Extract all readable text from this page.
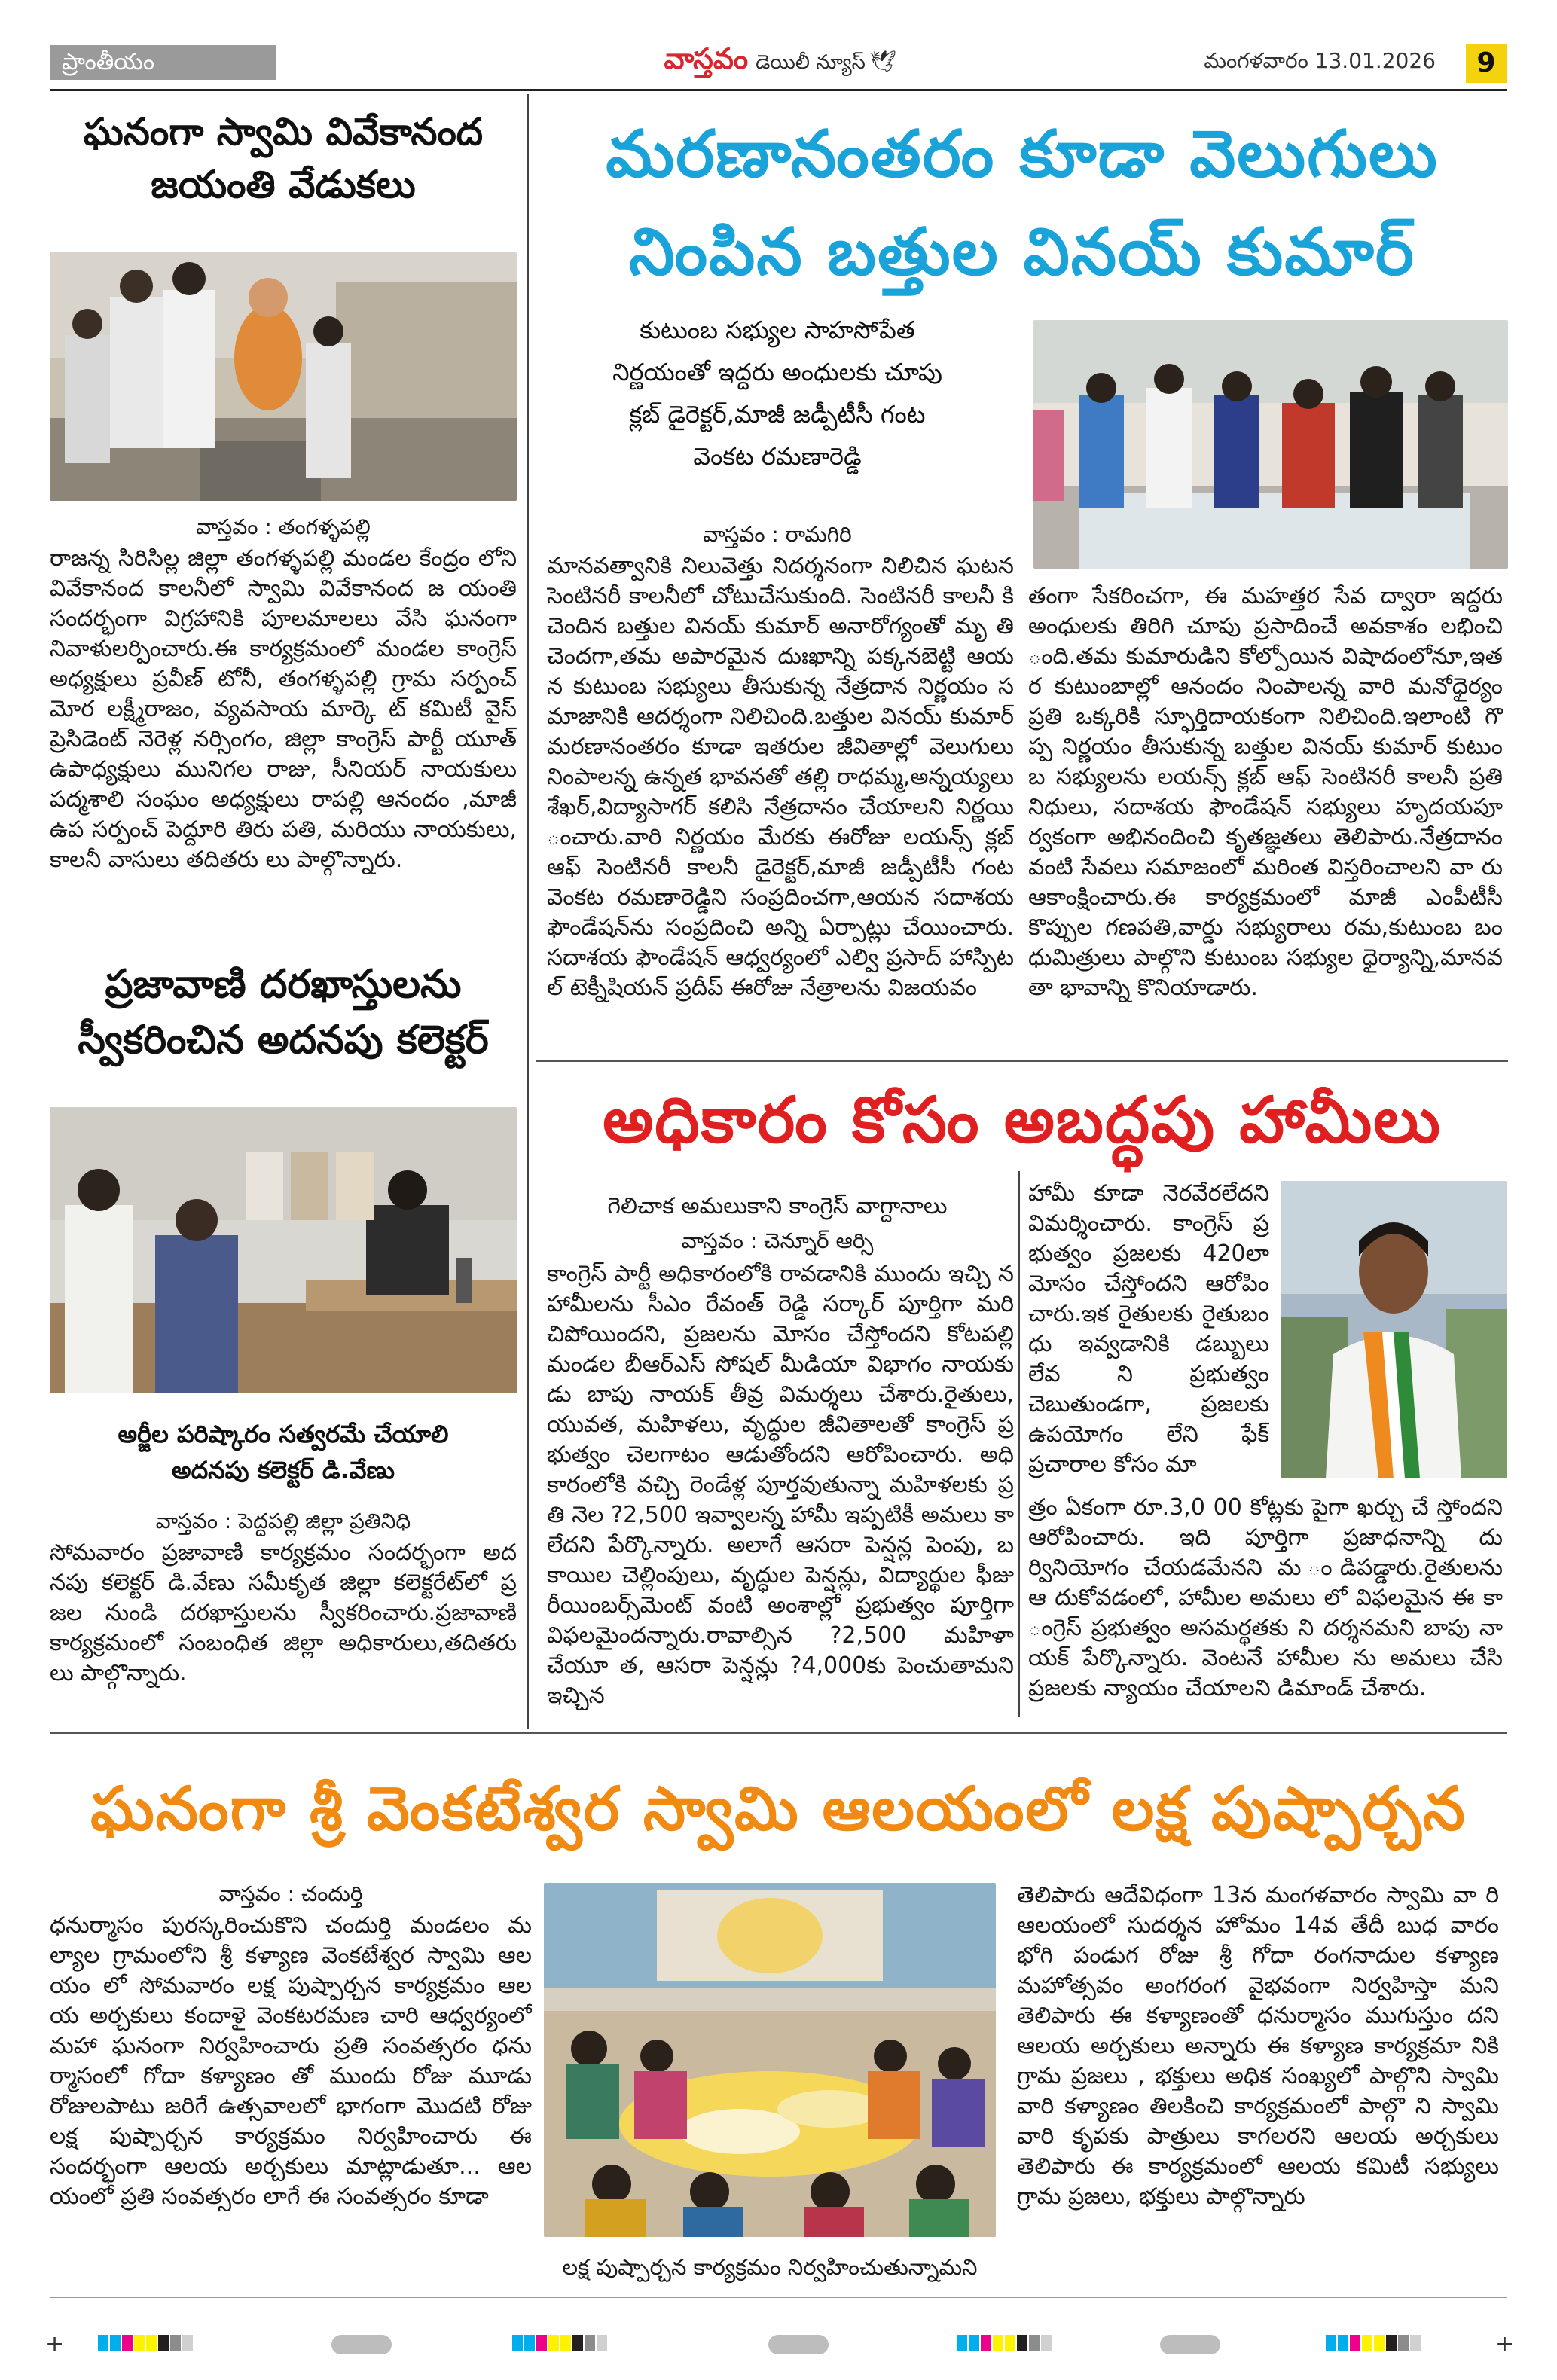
ప్రాంతీయం	వాస్తవం డెయిలీ న్యూస్ 🕊	మంగళవారం 13.01.2026	9
ఘనంగా స్వామి వివేకానంద
జయంతి వేడుకలు
వాస్తవం : తంగళ్ళపల్లి
రాజన్న సిరిసిల్ల జిల్లా తంగళ్ళపల్లి మండల కేంద్రం లోని వివేకానంద కాలనీలో స్వామి వివేకానంద జ యంతి సందర్భంగా విగ్రహానికి పూలమాలలు వేసి ఘనంగా నివాళులర్పించారు.ఈ కార్యక్రమంలో మండల కాంగ్రెస్ అధ్యక్షులు ప్రవీణ్ టోనీ, తంగళ్ళపల్లి గ్రామ సర్పంచ్ మోర లక్ష్మీరాజం, వ్యవసాయ మార్కె ట్ కమిటీ వైస్ ప్రెసిడెంట్ నెరెళ్ల నర్సింగం, జిల్లా కాంగ్రెస్ పార్టీ యూత్ ఉపాధ్యక్షులు మునిగల రాజు, సీనియర్ నాయకులు పద్మశాలి సంఘం అధ్యక్షులు రాపల్లి ఆనందం ,మాజీ ఉప సర్పంచ్ పెద్దూరి తిరు పతి, మరియు నాయకులు, కాలనీ వాసులు తదితరు లు పాల్గొన్నారు.
ప్రజావాణి దరఖాస్తులను
స్వీకరించిన అదనపు కలెక్టర్
అర్జీల పరిష్కారం సత్వరమే చేయాలి
అదనపు కలెక్టర్ డి.వేణు
వాస్తవం : పెద్దపల్లి జిల్లా ప్రతినిధి
సోమవారం ప్రజావాణి కార్యక్రమం సందర్భంగా అద నపు కలెక్టర్ డి.వేణు సమీకృత జిల్లా కలెక్టరేట్‌లో ప్ర జల నుండి దరఖాస్తులను స్వీకరించారు.ప్రజావాణి కార్యక్రమంలో సంబంధిత జిల్లా అధికారులు,తదితరు లు పాల్గొన్నారు.
మరణానంతరం కూడా వెలుగులు
నింపిన బత్తుల వినయ్ కుమార్
కుటుంబ సభ్యుల సాహసోపేత
నిర్ణయంతో ఇద్దరు అంధులకు చూపు
క్లబ్ డైరెక్టర్,మాజీ జడ్పీటీసీ గంట
వెంకట రమణారెడ్డి
వాస్తవం : రామగిరి
మానవత్వానికి నిలువెత్తు నిదర్శనంగా నిలిచిన ఘటన సెంటినరీ కాలనీలో చోటుచేసుకుంది. సెంటినరీ కాలనీ కి చెందిన బత్తుల వినయ్ కుమార్ అనారోగ్యంతో మృ తి చెందగా,తమ అపారమైన దుఃఖాన్ని పక్కనబెట్టి ఆయ న కుటుంబ సభ్యులు తీసుకున్న నేత్రదాన నిర్ణయం స మాజానికి ఆదర్శంగా నిలిచింది.బత్తుల వినయ్ కుమార్ మరణానంతరం కూడా ఇతరుల జీవితాల్లో వెలుగులు నింపాలన్న ఉన్నత భావనతో తల్లి రాధమ్మ,అన్నయ్యలు శేఖర్,విద్యాసాగర్ కలిసి నేత్రదానం చేయాలని నిర్ణయి ంచారు.వారి నిర్ణయం మేరకు ఈరోజు లయన్స్ క్లబ్ ఆఫ్ సెంటినరీ కాలనీ డైరెక్టర్,మాజీ జడ్పీటీసీ గంట వెంకట రమణారెడ్డిని సంప్రదించగా,ఆయన సదాశయ ఫౌండేషన్‌ను సంప్రదించి అన్ని ఏర్పాట్లు చేయించారు. సదాశయ ఫౌండేషన్ ఆధ్వర్యంలో ఎల్వి ప్రసాద్ హాస్పిట ల్ టెక్నీషియన్ ప్రదీప్ ఈరోజు నేత్రాలను విజయవం
తంగా సేకరించగా, ఈ మహత్తర సేవ ద్వారా ఇద్దరు అంధులకు తిరిగి చూపు ప్రసాదించే అవకాశం లభించి ంది.తమ కుమారుడిని కోల్పోయిన విషాదంలోనూ,ఇత ర కుటుంబాల్లో ఆనందం నింపాలన్న వారి మనోధైర్యం ప్రతి ఒక్కరికి స్ఫూర్తిదాయకంగా నిలిచింది.ఇలాంటి గొ ప్ప నిర్ణయం తీసుకున్న బత్తుల వినయ్ కుమార్ కుటుం బ సభ్యులను లయన్స్ క్లబ్ ఆఫ్ సెంటినరీ కాలనీ ప్రతి నిధులు, సదాశయ ఫౌండేషన్ సభ్యులు హృదయపూ ర్వకంగా అభినందించి కృతజ్ఞతలు తెలిపారు.నేత్రదానం వంటి సేవలు సమాజంలో మరింత విస్తరించాలని వా రు ఆకాంక్షించారు.ఈ కార్యక్రమంలో మాజీ ఎంపీటీసీ కొప్పుల గణపతి,వార్డు సభ్యురాలు రమ,కుటుంబ బం ధుమిత్రులు పాల్గొని కుటుంబ సభ్యుల ధైర్యాన్ని,మానవ తా భావాన్ని కొనియాడారు.
అధికారం కోసం అబద్ధపు హామీలు
గెలిచాక అమలుకాని కాంగ్రెస్ వాగ్దానాలు
వాస్తవం : చెన్నూర్ ఆర్సి
కాంగ్రెస్ పార్టీ అధికారంలోకి రావడానికి ముందు ఇచ్చి న హామీలను సీఎం రేవంత్ రెడ్డి సర్కార్ పూర్తిగా మరి చిపోయిందని, ప్రజలను మోసం చేస్తోందని కోటపల్లి మండల బీఆర్ఎస్ సోషల్ మీడియా విభాగం నాయకు డు బాపు నాయక్ తీవ్ర విమర్శలు చేశారు.రైతులు, యువత, మహిళలు, వృద్ధుల జీవితాలతో కాంగ్రెస్ ప్ర భుత్వం చెలగాటం ఆడుతోందని ఆరోపించారు. అధి కారంలోకి వచ్చి రెండేళ్ల పూర్తవుతున్నా మహిళలకు ప్ర తి నెల ?2,500 ఇవ్వాలన్న హామీ ఇప్పటికీ అమలు కా లేదని పేర్కొన్నారు. అలాగే ఆసరా పెన్షన్ల పెంపు, బ కాయిల చెల్లింపులు, వృద్ధుల పెన్షన్లు, విద్యార్థుల ఫీజు రీయింబర్స్‌మెంట్ వంటి అంశాల్లో ప్రభుత్వం పూర్తిగా విఫలమైందన్నారు.రావాల్సిన ?2,500 మహిళా చేయూ త, ఆసరా పెన్షన్లు ?4,000కు పెంచుతామని ఇచ్చిన
హామీ కూడా నెరవేరలేదని విమర్శించారు. కాంగ్రెస్ ప్ర భుత్వం ప్రజలకు 420లా మోసం చేస్తోందని ఆరోపిం చారు.ఇక రైతులకు రైతుబం ధు ఇవ్వడానికి డబ్బులు లేవ ని ప్రభుత్వం చెబుతుండగా, ప్రజలకు ఉపయోగం లేని ఫేక్ ప్రచారాల కోసం మా
త్రం ఏకంగా రూ.3,0 00 కోట్లకు పైగా ఖర్చు చే స్తోందని ఆరోపించారు. ఇది పూర్తిగా ప్రజాధనాన్ని దు ర్వినియోగం చేయడమేనని మ ండిపడ్డారు.రైతులను ఆ దుకోవడంలో, హామీల అమలు లో విఫలమైన ఈ కా ంగ్రెస్ ప్రభుత్వం అసమర్థతకు ని దర్శనమని బాపు నా యక్ పేర్కొన్నారు. వెంటనే హామీల ను అమలు చేసి ప్రజలకు న్యాయం చేయాలని డిమాండ్ చేశారు.
ఘనంగా శ్రీ వెంకటేశ్వర స్వామి ఆలయంలో లక్ష పుష్పార్చన
వాస్తవం : చందుర్తి
ధనుర్మాసం పురస్కరించుకొని చందుర్తి మండలం మ ల్యాల గ్రామంలోని శ్రీ కళ్యాణ వెంకటేశ్వర స్వామి ఆల యం లో సోమవారం లక్ష పుష్పార్చన కార్యక్రమం ఆల య అర్చకులు కందాళై వెంకటరమణ చారి ఆధ్వర్యంలో మహా ఘనంగా నిర్వహించారు ప్రతి సంవత్సరం ధను ర్మాసంలో గోదా కళ్యాణం తో ముందు రోజు మూడు రోజులపాటు జరిగే ఉత్సవాలలో భాగంగా మొదటి రోజు లక్ష పుష్పార్చన కార్యక్రమం నిర్వహించారు ఈ సందర్భంగా ఆలయ అర్చకులు మాట్లాడుతూ... ఆల యంలో ప్రతి సంవత్సరం లాగే ఈ సంవత్సరం కూడా
లక్ష పుష్పార్చన కార్యక్రమం నిర్వహించుతున్నామని
తెలిపారు ఆదేవిధంగా 13న మంగళవారం స్వామి వా రి ఆలయంలో సుదర్శన హోమం 14వ తేదీ బుధ వారం భోగి పండుగ రోజు శ్రీ గోదా రంగనాదుల కళ్యాణ మహోత్సవం అంగరంగ వైభవంగా నిర్వహిస్తా మని తెలిపారు ఈ కళ్యాణంతో ధనుర్మాసం ముగుస్తుం దని ఆలయ అర్చకులు అన్నారు ఈ కళ్యాణ కార్యక్రమా నికి గ్రామ ప్రజలు , భక్తులు అధిక సంఖ్యలో పాల్గొని స్వామి వారి కళ్యాణం తిలకించి కార్యక్రమంలో పాల్గొ ని స్వామి వారి కృపకు పాత్రులు కాగలరని ఆలయ అర్చకులు తెలిపారు ఈ కార్యక్రమంలో ఆలయ కమిటీ సభ్యులు గ్రామ ప్రజలు, భక్తులు పాల్గొన్నారు
+	+
